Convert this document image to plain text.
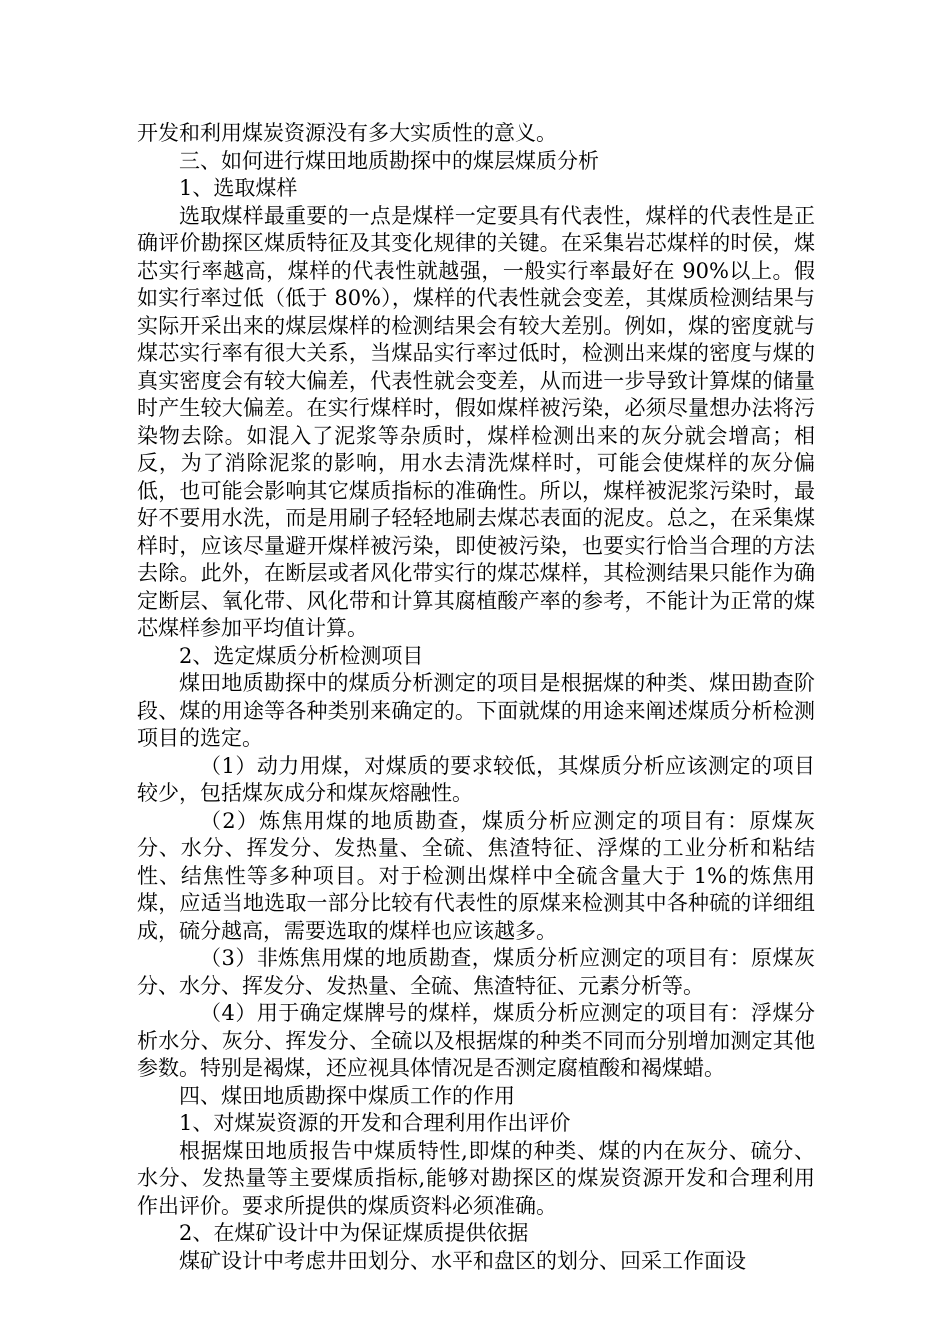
开发和利用煤炭资源没有多大实质性的意义。

三、如何进行煤田地质勘探中的煤层煤质分析

1、选取煤样

选取煤样最重要的一点是煤样一定要具有代表性，煤样的代表性是正确评价勘探区煤质特征及其变化规律的关键。在采集岩芯煤样的时侯，煤芯实行率越高，煤样的代表性就越强，一般实行率最好在 90%以上。假如实行率过低（低于 80%），煤样的代表性就会变差，其煤质检测结果与实际开采出来的煤层煤样的检测结果会有较大差别。例如，煤的密度就与煤芯实行率有很大关系，当煤品实行率过低时，检测出来煤的密度与煤的真实密度会有较大偏差，代表性就会变差，从而进一步导致计算煤的储量时产生较大偏差。在实行煤样时，假如煤样被污染，必须尽量想办法将污染物去除。如混入了泥浆等杂质时，煤样检测出来的灰分就会增高；相反，为了消除泥浆的影响，用水去清洗煤样时，可能会使煤样的灰分偏低，也可能会影响其它煤质指标的准确性。所以，煤样被泥浆污染时，最好不要用水洗，而是用刷子轻轻地刷去煤芯表面的泥皮。总之，在采集煤样时，应该尽量避开煤样被污染，即使被污染，也要实行恰当合理的方法去除。此外，在断层或者风化带实行的煤芯煤样，其检测结果只能作为确定断层、氧化带、风化带和计算其腐植酸产率的参考，不能计为正常的煤芯煤样参加平均值计算。

2、选定煤质分析检测项目

煤田地质勘探中的煤质分析测定的项目是根据煤的种类、煤田勘查阶段、煤的用途等各种类别来确定的。下面就煤的用途来阐述煤质分析检测项目的选定。

（1）动力用煤，对煤质的要求较低，其煤质分析应该测定的项目较少，包括煤灰成分和煤灰熔融性。

（2）炼焦用煤的地质勘查，煤质分析应测定的项目有：原煤灰分、水分、挥发分、发热量、全硫、焦渣特征、浮煤的工业分析和粘结性、结焦性等多种项目。对于检测出煤样中全硫含量大于 1%的炼焦用煤，应适当地选取一部分比较有代表性的原煤来检测其中各种硫的详细组成，硫分越高，需要选取的煤样也应该越多。

（3）非炼焦用煤的地质勘查，煤质分析应测定的项目有：原煤灰分、水分、挥发分、发热量、全硫、焦渣特征、元素分析等。

（4）用于确定煤牌号的煤样，煤质分析应测定的项目有：浮煤分析水分、灰分、挥发分、全硫以及根据煤的种类不同而分别增加测定其他参数。特别是褐煤，还应视具体情况是否测定腐植酸和褐煤蜡。

四、煤田地质勘探中煤质工作的作用

1、对煤炭资源的开发和合理利用作出评价

根据煤田地质报告中煤质特性,即煤的种类、煤的内在灰分、硫分、水分、发热量等主要煤质指标,能够对勘探区的煤炭资源开发和合理利用作出评价。要求所提供的煤质资料必须准确。

2、在煤矿设计中为保证煤质提供依据

煤矿设计中考虑井田划分、水平和盘区的划分、回采工作面设
